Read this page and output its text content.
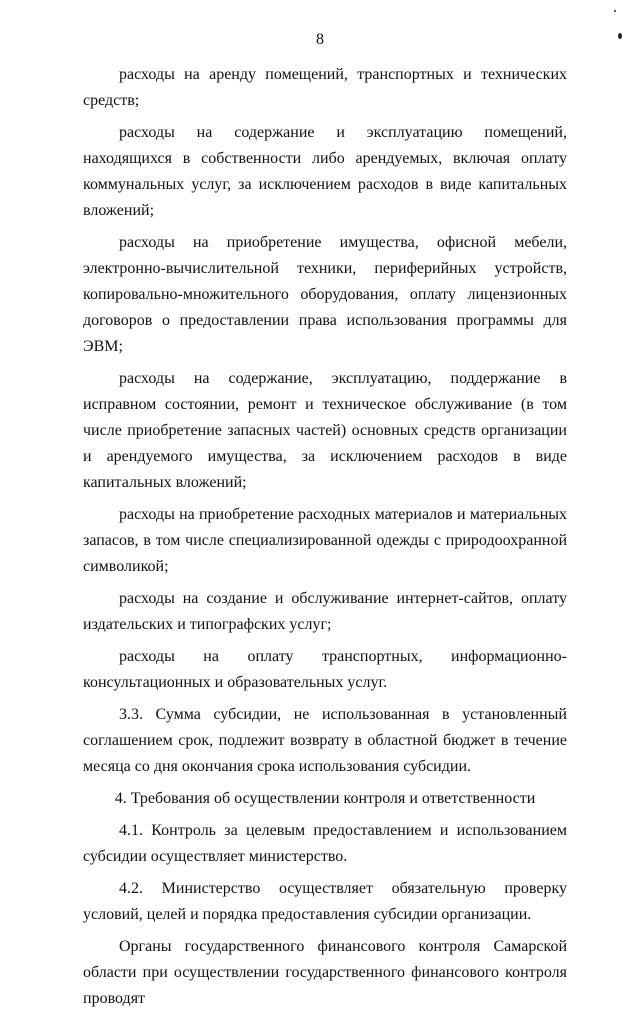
8

расходы на аренду помещений, транспортных и технических средств;

расходы на содержание и эксплуатацию помещений, находящихся в собственности либо арендуемых, включая оплату коммунальных услуг, за исключением расходов в виде капитальных вложений;

расходы на приобретение имущества, офисной мебели, электронно-вычислительной техники, периферийных устройств, копировально-множительного оборудования, оплату лицензионных договоров о предоставлении права использования программы для ЭВМ;

расходы на содержание, эксплуатацию, поддержание в исправном состоянии, ремонт и техническое обслуживание (в том числе приобретение запасных частей) основных средств организации и арендуемого имущества, за исключением расходов в виде капитальных вложений;

расходы на приобретение расходных материалов и материальных запасов, в том числе специализированной одежды с природоохранной символикой;

расходы на создание и обслуживание интернет-сайтов, оплату издательских и типографских услуг;

расходы на оплату транспортных, информационно-консультационных и образовательных услуг.

3.3. Сумма субсидии, не использованная в установленный соглашением срок, подлежит возврату в областной бюджет в течение месяца со дня окончания срока использования субсидии.

4. Требования об осуществлении контроля и ответственности

4.1. Контроль за целевым предоставлением и использованием субсидии осуществляет министерство.

4.2. Министерство осуществляет обязательную проверку условий, целей и порядка предоставления субсидии организации.

Органы государственного финансового контроля Самарской области при осуществлении государственного финансового контроля проводят
